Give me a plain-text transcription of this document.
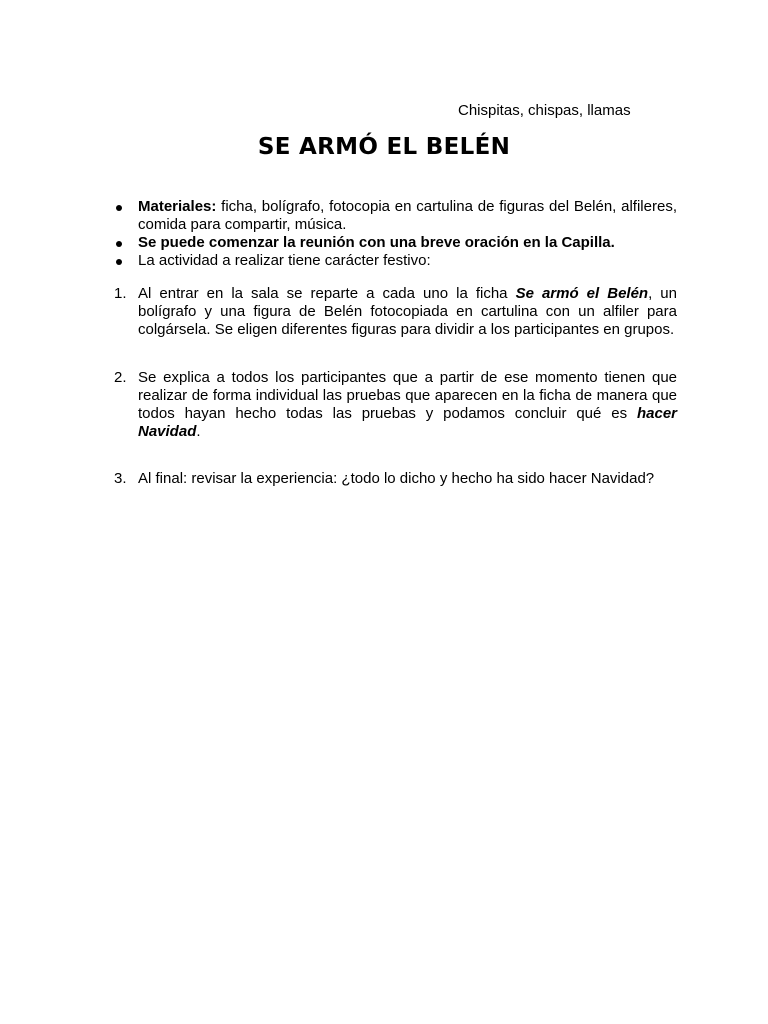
Chispitas, chispas, llamas
SE ARMÓ EL BELÉN
Materiales: ficha, bolígrafo, fotocopia en cartulina de figuras del Belén, alfileres, comida para compartir, música.
Se puede comenzar la reunión con una breve oración en la Capilla.
La actividad a realizar tiene carácter festivo:
1. Al entrar en la sala se reparte a cada uno la ficha Se armó el Belén, un bolígrafo y una figura de Belén fotocopiada en cartulina con un alfiler para colgársela. Se eligen diferentes figuras para dividir a los participantes en grupos.
2. Se explica a todos los participantes que a partir de ese momento tienen que realizar de forma individual las pruebas que aparecen en la ficha de manera que todos hayan hecho todas las pruebas y podamos concluir qué es hacer Navidad.
3. Al final: revisar la experiencia: ¿todo lo dicho y hecho ha sido hacer Navidad?
